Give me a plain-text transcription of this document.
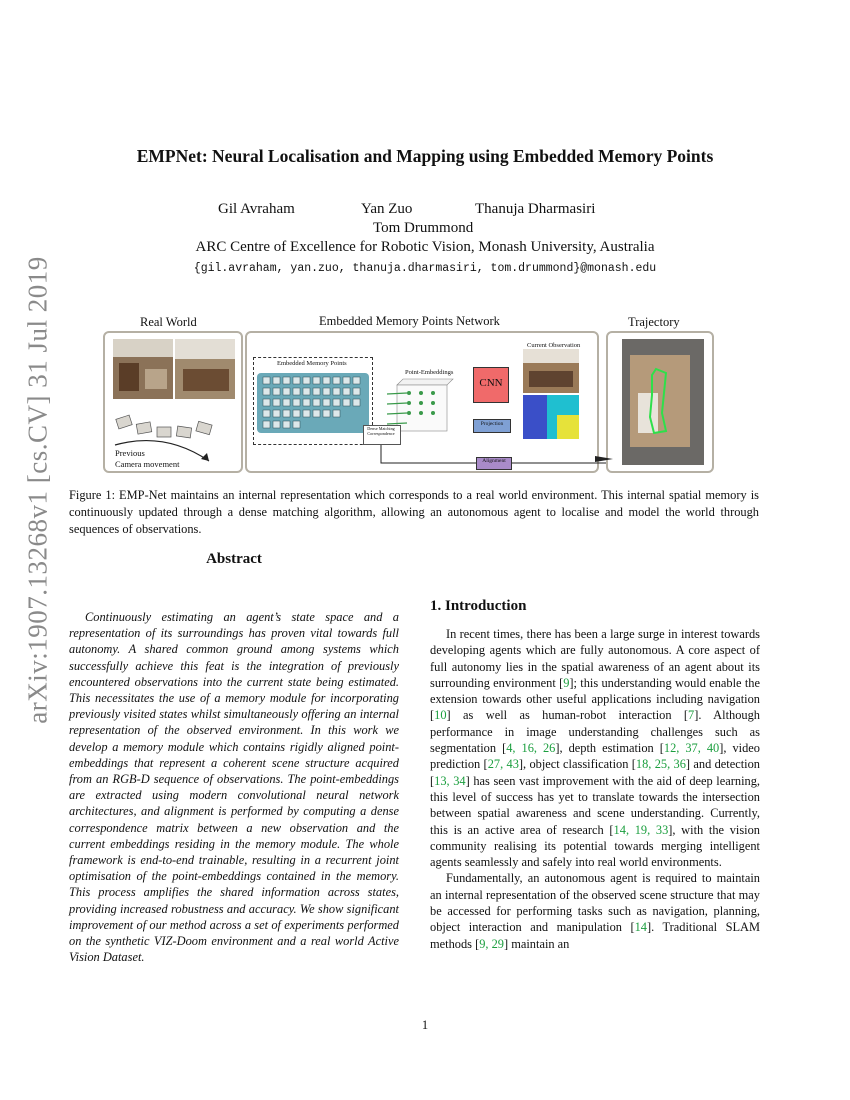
arXiv:1907.13268v1 [cs.CV] 31 Jul 2019
EMPNet: Neural Localisation and Mapping using Embedded Memory Points
Gil Avraham	Yan Zuo	Thanuja Dharmasiri
Tom Drummond
ARC Centre of Excellence for Robotic Vision, Monash University, Australia
{gil.avraham, yan.zuo, thanuja.dharmasiri, tom.drummond}@monash.edu
Real World	Embedded Memory Points Network	Trajectory
Previous
Camera movement
Embedded Memory Points
Point-Embeddings
Dense Matching Correspondence
CNN
Projection
Current Observation
Alignment
Figure 1: EMP-Net maintains an internal representation which corresponds to a real world environment. This internal spatial memory is continuously updated through a dense matching algorithm, allowing an autonomous agent to localise and model the world through sequences of observations.
Abstract
Continuously estimating an agent’s state space and a representation of its surroundings has proven vital towards full autonomy. A shared common ground among systems which successfully achieve this feat is the integration of previously encountered observations into the current state being estimated. This necessitates the use of a memory module for incorporating previously visited states whilst simultaneously offering an internal representation of the observed environment. In this work we develop a memory module which contains rigidly aligned point-embeddings that represent a coherent scene structure acquired from an RGB-D sequence of observations. The point-embeddings are extracted using modern convolutional neural network architectures, and alignment is performed by computing a dense correspondence matrix between a new observation and the current embeddings residing in the memory module. The whole framework is end-to-end trainable, resulting in a recurrent joint optimisation of the point-embeddings contained in the memory. This process amplifies the shared information across states, providing increased robustness and accuracy. We show significant improvement of our method across a set of experiments performed on the synthetic VIZ-Doom environment and a real world Active Vision Dataset.
1. Introduction

In recent times, there has been a large surge in interest towards developing agents which are fully autonomous. A core aspect of full autonomy lies in the spatial awareness of an agent about its surrounding environment [9]; this understanding would enable the extension towards other useful applications including navigation [10] as well as human-robot interaction [7]. Although performance in image understanding challenges such as segmentation [4, 16, 26], depth estimation [12, 37, 40], video prediction [27, 43], object classification [18, 25, 36] and detection [13, 34] has seen vast improvement with the aid of deep learning, this level of success has yet to translate towards the intersection between spatial awareness and scene understanding. Currently, this is an active area of research [14, 19, 33], with the vision community realising its potential towards merging intelligent agents seamlessly and safely into real world environments.

Fundamentally, an autonomous agent is required to maintain an internal representation of the observed scene structure that may be accessed for performing tasks such as navigation, planning, object interaction and manipulation [14]. Traditional SLAM methods [9, 29] maintain an

1
